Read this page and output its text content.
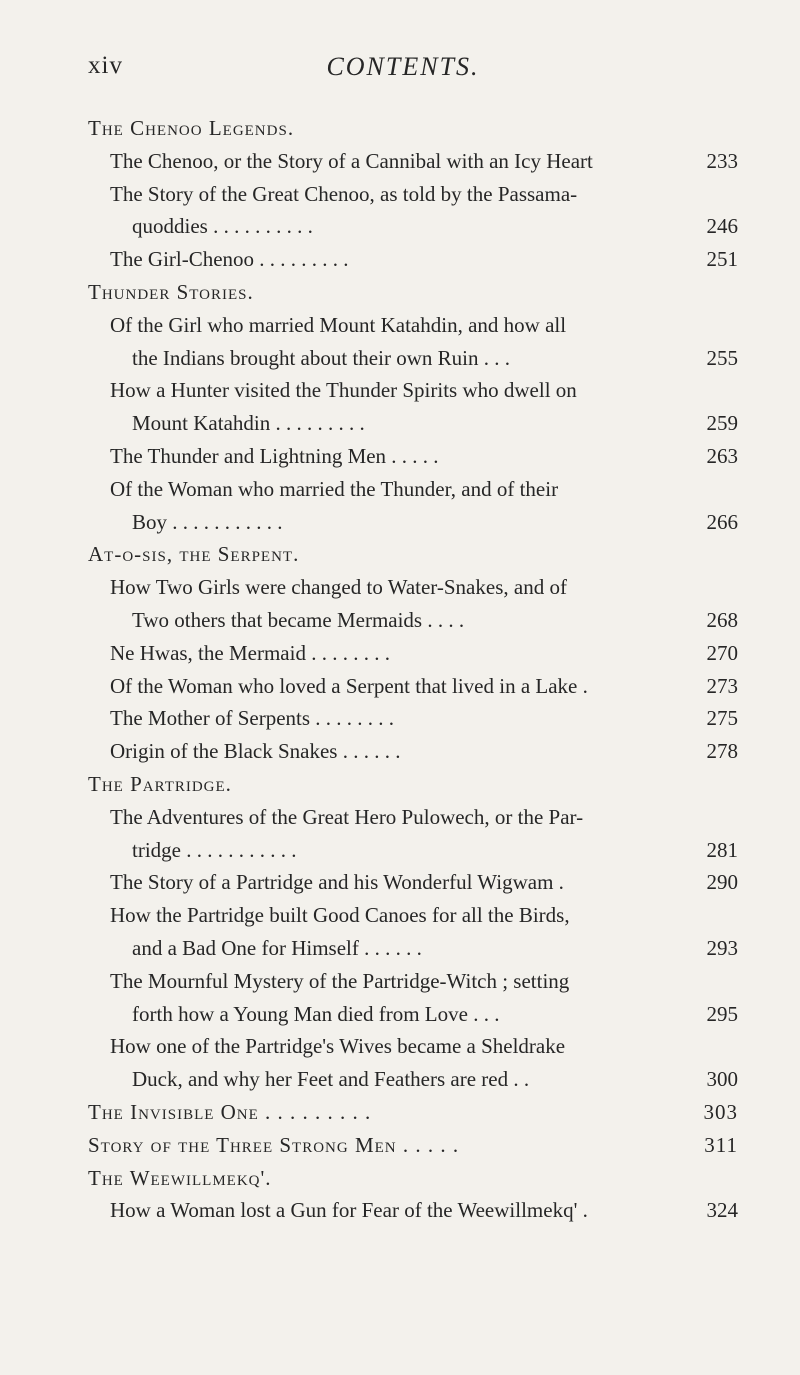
xiv	CONTENTS.
The Chenoo Legends.
The Chenoo, or the Story of a Cannibal with an Icy Heart	233
The Story of the Great Chenoo, as told by the Passama-
quoddies . . . . . . . . . .	246
The Girl-Chenoo . . . . . . . . .	251
Thunder Stories.
Of the Girl who married Mount Katahdin, and how all
the Indians brought about their own Ruin . . .	255
How a Hunter visited the Thunder Spirits who dwell on
Mount Katahdin . . . . . . . . .	259
The Thunder and Lightning Men . . . . .	263
Of the Woman who married the Thunder, and of their
Boy . . . . . . . . . . .	266
At-o-sis, the Serpent.
How Two Girls were changed to Water-Snakes, and of
Two others that became Mermaids . . . .	268
Ne Hwas, the Mermaid . . . . . . . .	270
Of the Woman who loved a Serpent that lived in a Lake .	273
The Mother of Serpents . . . . . . . .	275
Origin of the Black Snakes . . . . . .	278
The Partridge.
The Adventures of the Great Hero Pulowech, or the Par-
tridge . . . . . . . . . . .	281
The Story of a Partridge and his Wonderful Wigwam .	290
How the Partridge built Good Canoes for all the Birds,
and a Bad One for Himself . . . . . .	293
The Mournful Mystery of the Partridge-Witch ; setting
forth how a Young Man died from Love . . .	295
How one of the Partridge's Wives became a Sheldrake
Duck, and why her Feet and Feathers are red . .	300
The Invisible One . . . . . . . . .	303
Story of the Three Strong Men . . . . .	311
The Weewillmekq'.
How a Woman lost a Gun for Fear of the Weewillmekq' .	324
